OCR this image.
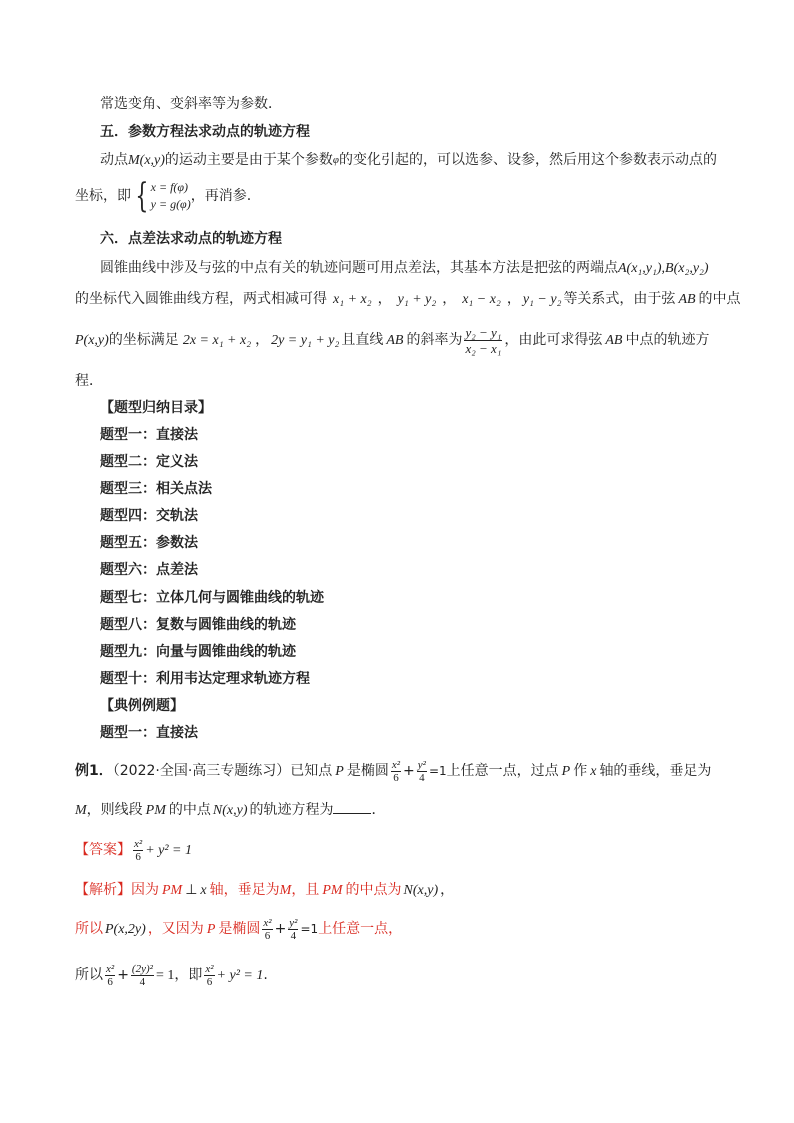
常选变角、变斜率等为参数．
五．参数方程法求动点的轨迹方程
动点M(x,y)的运动主要是由于某个参数$^\varphi$的变化引起的，可以选参、设参，然后用这个参数表示动点的
坐标，即 { x = f(φ)
y = g(φ) ，再消参.
六．点差法求动点的轨迹方程
圆锥曲线中涉及与弦的中点有关的轨迹问题可用点差法，其基本方法是把弦的两端点A(x₁,y₁),B(x₂,y₂)
的坐标代入圆锥曲线方程，两式相减可得 x₁ + x₂ ， y₁ + y₂ ， x₁ − x₂ ， y₁ − y₂ 等关系式，由于弦 AB 的中点
P(x,y)的坐标满足 2x = x₁ + x₂ ， 2y = y₁ + y₂ 且直线 AB 的斜率为 $\frac{\text{y₂ − y₁}}{\text{x₂ − x₁}}$ ，由此可求得弦 AB 中点的轨迹方
程．
【题型归纳目录】
题型一：直接法
题型二：定义法
题型三：相关点法
题型四：交轨法
题型五：参数法
题型六：点差法
题型七：立体几何与圆锥曲线的轨迹
题型八：复数与圆锥曲线的轨迹
题型九：向量与圆锥曲线的轨迹
题型十：利用韦达定理求轨迹方程
【典例例题】
题型一：直接法
例1．（2022·全国·高三专题练习）已知点 P 是椭圆 $\frac{\text{x²}}{6} + \frac{\text{y²}}{4} =1$上任意一点，过点 P 作 x 轴的垂线，垂足为
M，则线段 PM 的中点 N(x,y) 的轨迹方程为	．
【答案】 $\frac{\text{x²}}{6} + y^2 = 1$
【解析】因为 PM ⊥ x 轴，垂足为M，且 PM 的中点为 N(x,y) ，
所以 P(x,2y) ，又因为 P 是椭圆 $\frac{\text{x²}}{6} + \frac{\text{y²}}{4} =1$上任意一点，
所以 $\frac{\text{x²}}{6} + \frac{\text{(2y)²}}{4} = 1$，即 $\frac{\text{x²}}{6} + y^2 = 1$.
